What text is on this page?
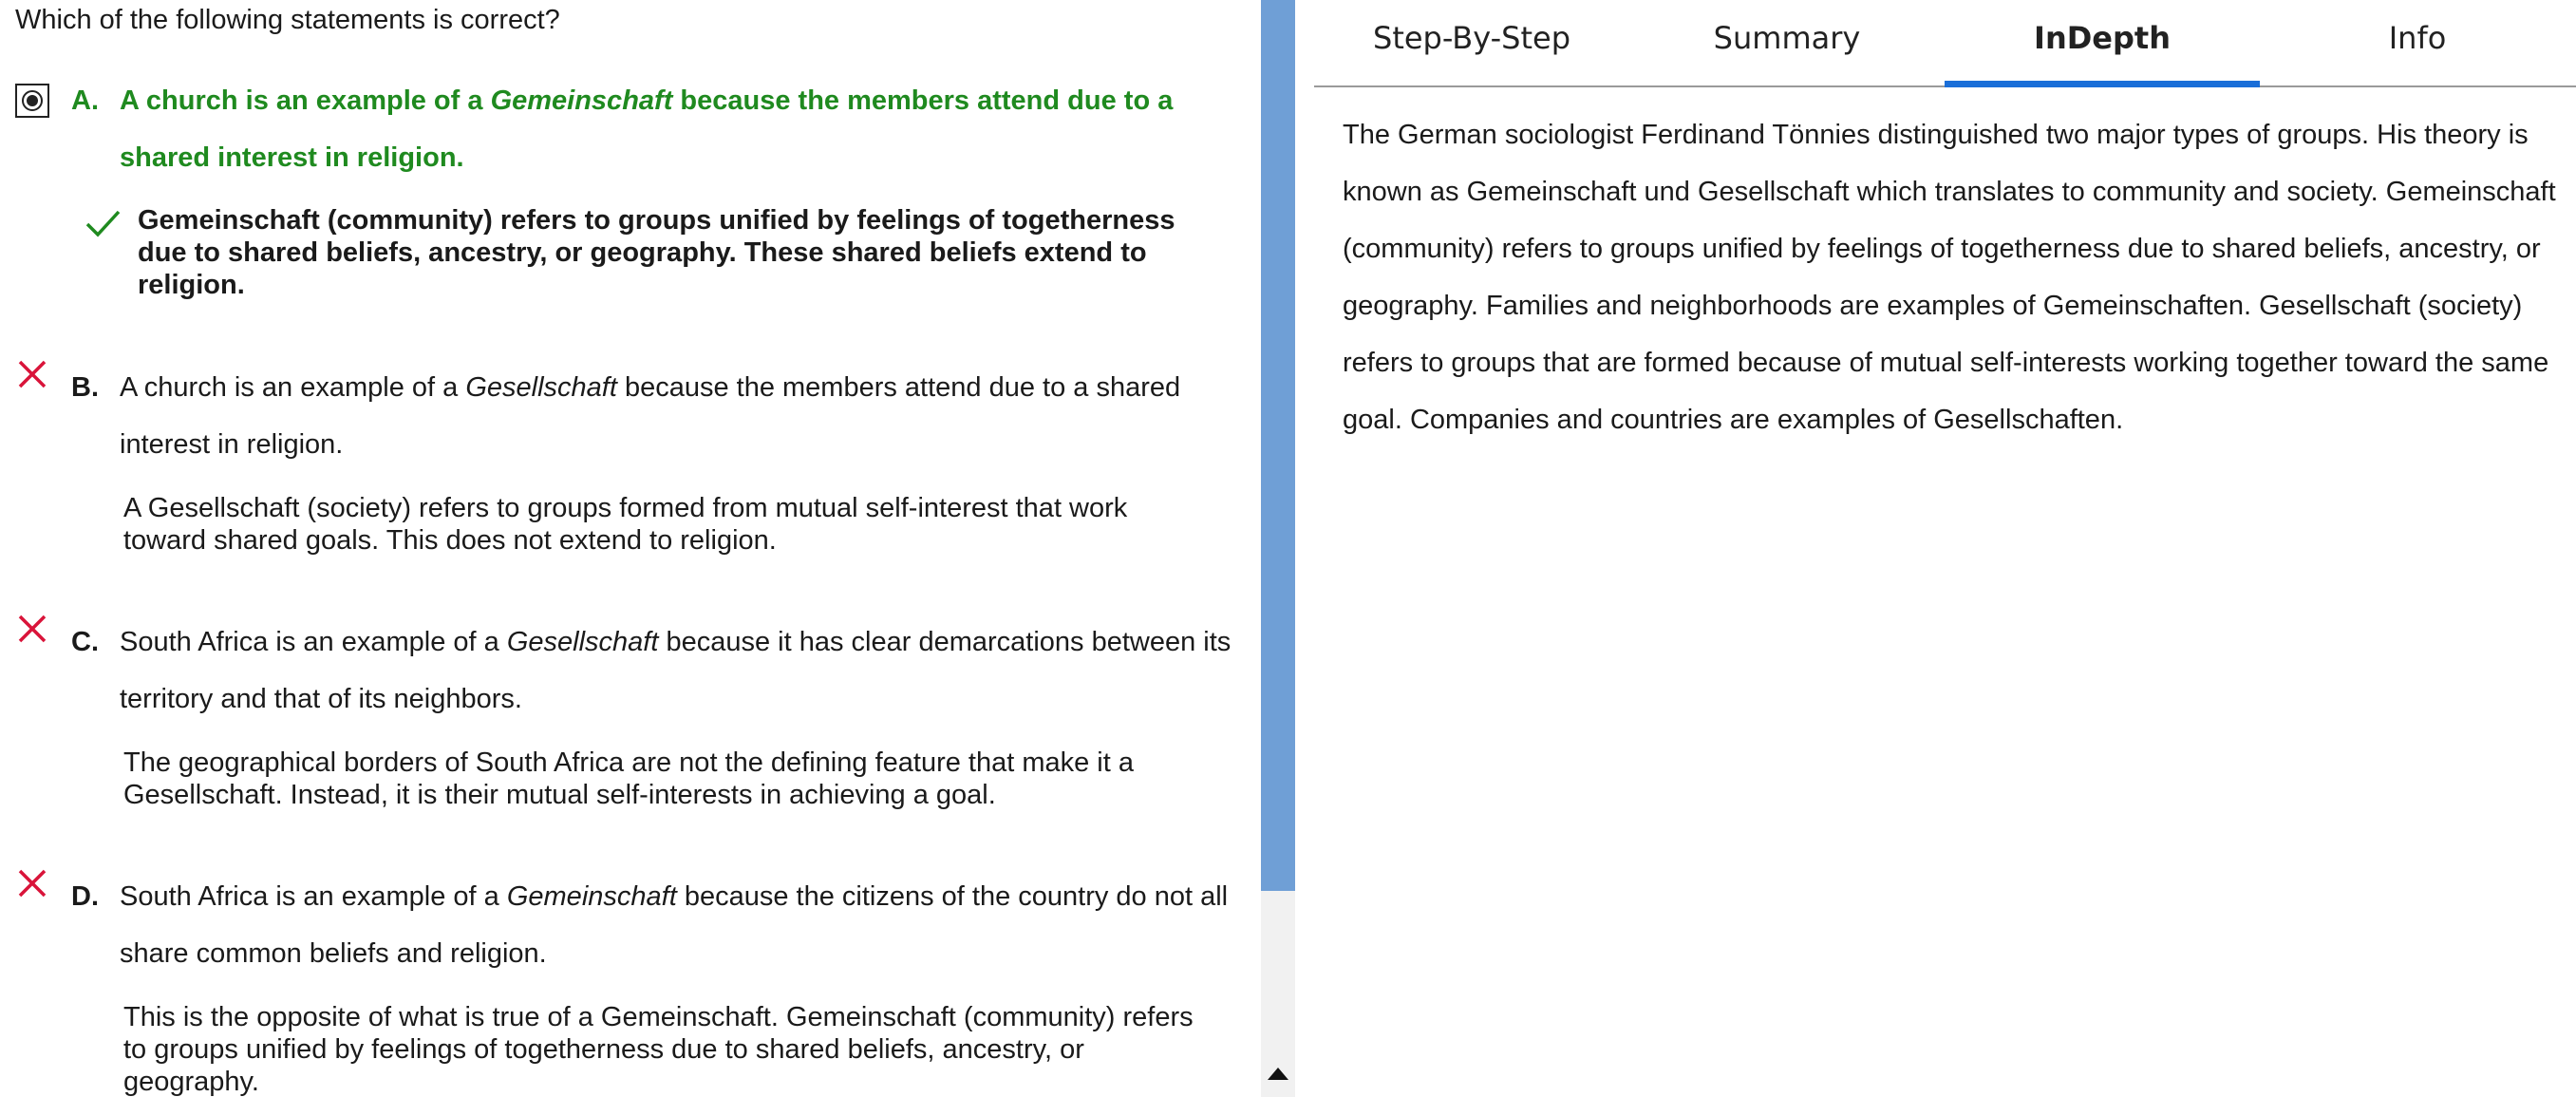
Which of the following statements is correct?
A. A church is an example of a Gemeinschaft because the members attend due to a shared interest in religion.
Gemeinschaft (community) refers to groups unified by feelings of togetherness due to shared beliefs, ancestry, or geography. These shared beliefs extend to religion.
B. A church is an example of a Gesellschaft because the members attend due to a shared interest in religion.
A Gesellschaft (society) refers to groups formed from mutual self-interest that work toward shared goals. This does not extend to religion.
C. South Africa is an example of a Gesellschaft because it has clear demarcations between its territory and that of its neighbors.
The geographical borders of South Africa are not the defining feature that make it a Gesellschaft. Instead, it is their mutual self-interests in achieving a goal.
D. South Africa is an example of a Gemeinschaft because the citizens of the country do not all share common beliefs and religion.
This is the opposite of what is true of a Gemeinschaft. Gemeinschaft (community) refers to groups unified by feelings of togetherness due to shared beliefs, ancestry, or geography.
Step-By-Step	Summary	InDepth	Info
The German sociologist Ferdinand Tönnies distinguished two major types of groups. His theory is known as Gemeinschaft und Gesellschaft which translates to community and society. Gemeinschaft (community) refers to groups unified by feelings of togetherness due to shared beliefs, ancestry, or geography. Families and neighborhoods are examples of Gemeinschaften. Gesellschaft (society) refers to groups that are formed because of mutual self-interests working together toward the same goal. Companies and countries are examples of Gesellschaften.
